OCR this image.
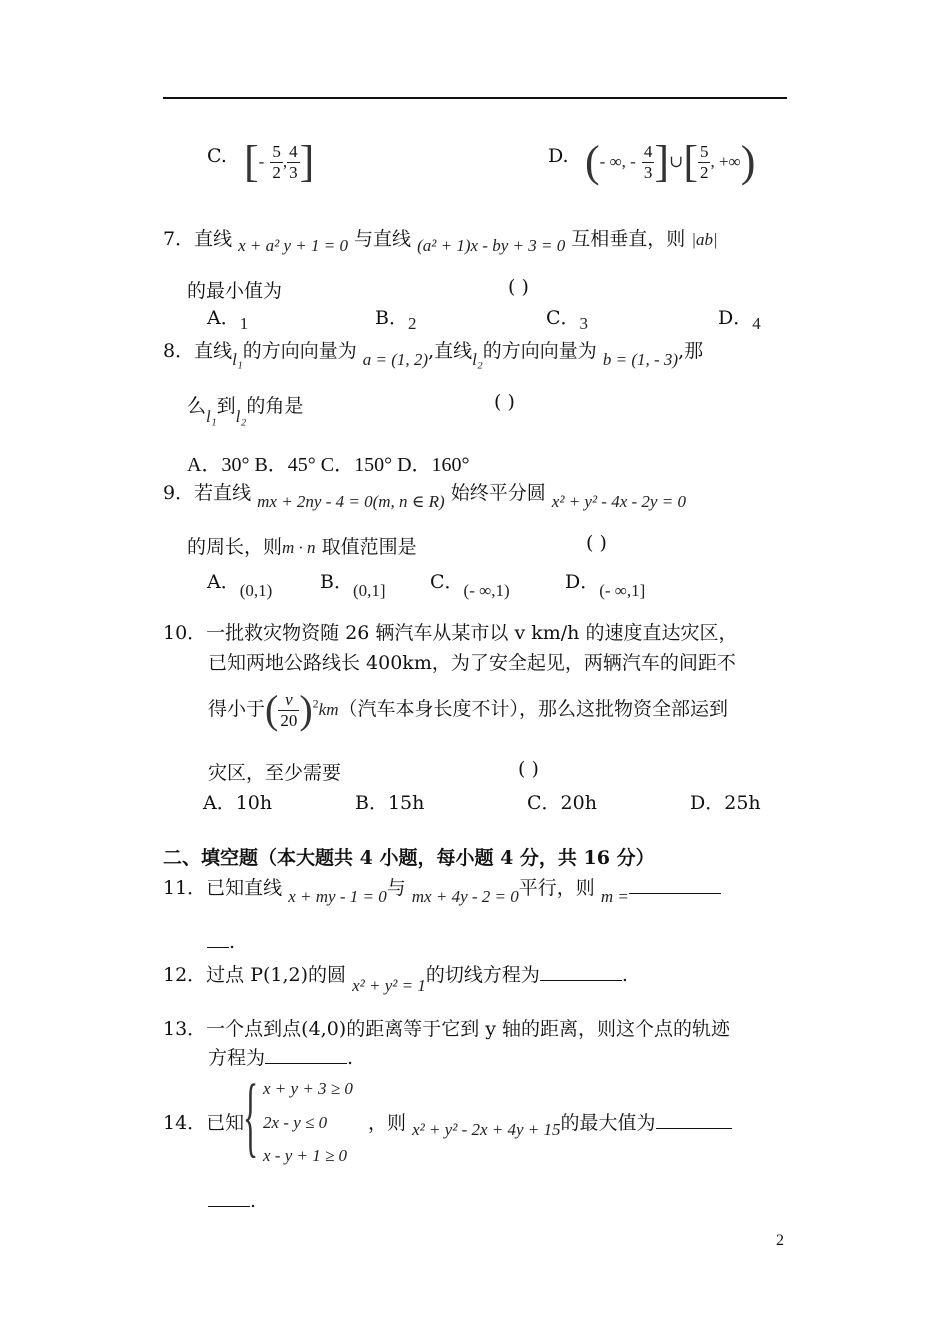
C. [- $\frac{5}{2}$ , $\frac{4}{3}$ ]	D. (- ∞, - $\frac{4}{3}$ ]∪[ $\frac{5}{2}$ , +∞)
7．直线 x + a² y + 1 = 0 与直线 (a² + 1)x - by + 3 = 0 互相垂直，则 |ab|
的最小值为	( )
A．1	B．2	C．3	D．4
8．直线l₁的方向向量为 a = (1, 2),直线l₂的方向向量为 b = (1, - 3),那
么l₁到l₂的角是	( )
A．30° B．45° C．150° D．160°
9．若直线 mx + 2ny - 4 = 0(m, n ∈ R) 始终平分圆 x² + y² - 4x - 2y = 0
的周长，则m · n 取值范围是	( )
A．(0,1)	B．(0,1] C．(- ∞,1)	D．(- ∞,1]
10．一批救灾物资随 26 辆汽车从某市以 v km/h 的速度直达灾区，
已知两地公路线长 400km，为了安全起见，两辆汽车的间距不
得小于( $\frac{v}{20} )^2km$（汽车本身长度不计），那么这批物资全部运到
灾区，至少需要	( )
A．10h	B．15h	C．20h	D．25h
二、填空题（本大题共 4 小题，每小题 4 分，共 16 分）
11．已知直线 x + my - 1 = 0与 mx + 4y - 2 = 0平行，则 m =
.
12．过点 P(1,2)的圆 x² + y² = 1的切线方程为	.
13．一个点到点(4,0)的距离等于它到 y 轴的距离，则这个点的轨迹
方程为	.
14．已知
{ x + y + 3 ≥ 0
2x - y ≤ 0
x - y + 1 ≥ 0
，则 x² + y² - 2x + 4y + 15的最大值为
.
2
